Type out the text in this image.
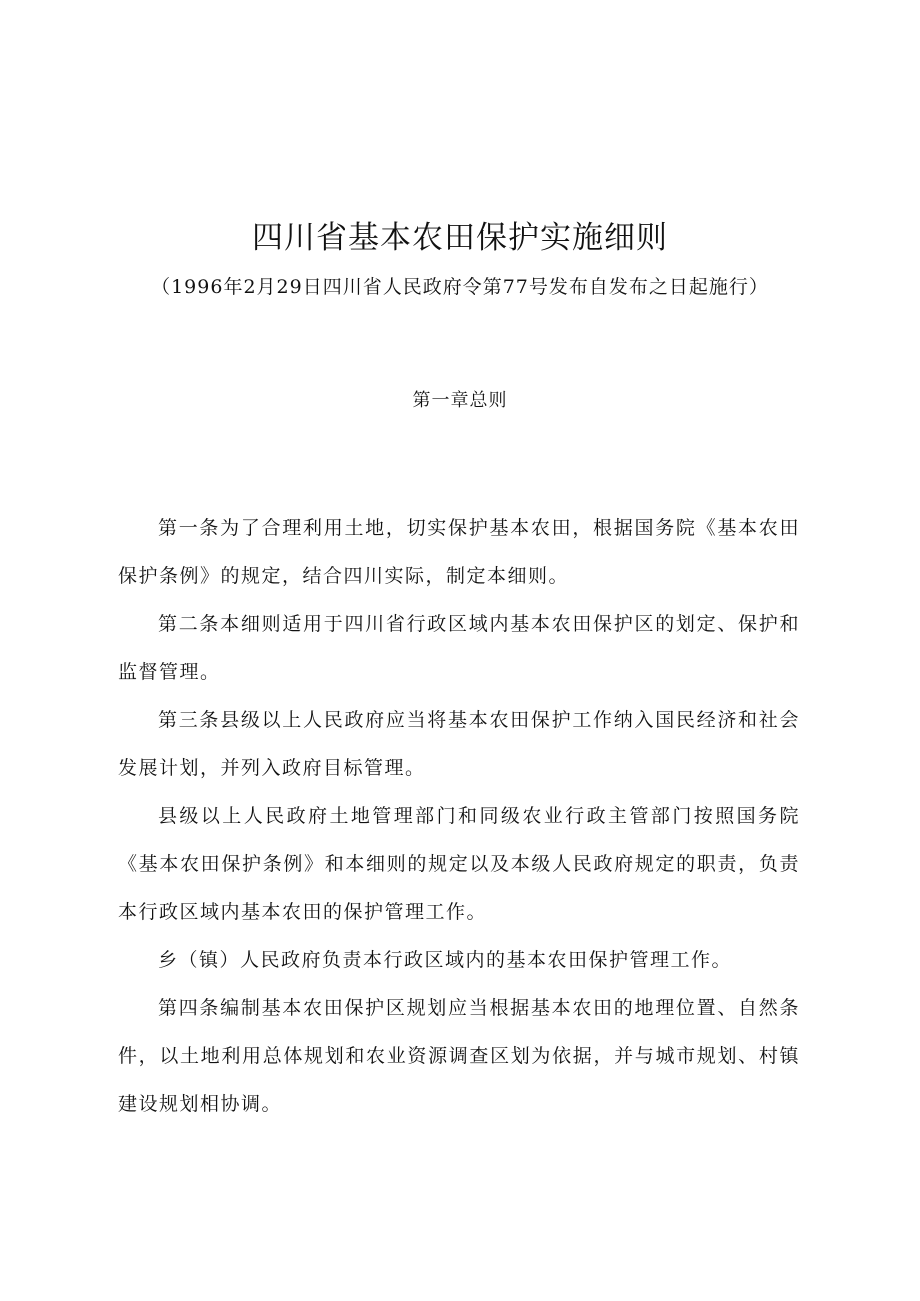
四川省基本农田保护实施细则
（1996年2月29日四川省人民政府令第77号发布自发布之日起施行）
第一章总则

第一条为了合理利用土地，切实保护基本农田，根据国务院《基本农田保护条例》的规定，结合四川实际，制定本细则。

第二条本细则适用于四川省行政区域内基本农田保护区的划定、保护和监督管理。

第三条县级以上人民政府应当将基本农田保护工作纳入国民经济和社会发展计划，并列入政府目标管理。

县级以上人民政府土地管理部门和同级农业行政主管部门按照国务院《基本农田保护条例》和本细则的规定以及本级人民政府规定的职责，负责本行政区域内基本农田的保护管理工作。

乡（镇）人民政府负责本行政区域内的基本农田保护管理工作。

第四条编制基本农田保护区规划应当根据基本农田的地理位置、自然条件，以土地利用总体规划和农业资源调查区划为依据，并与城市规划、村镇建设规划相协调。
